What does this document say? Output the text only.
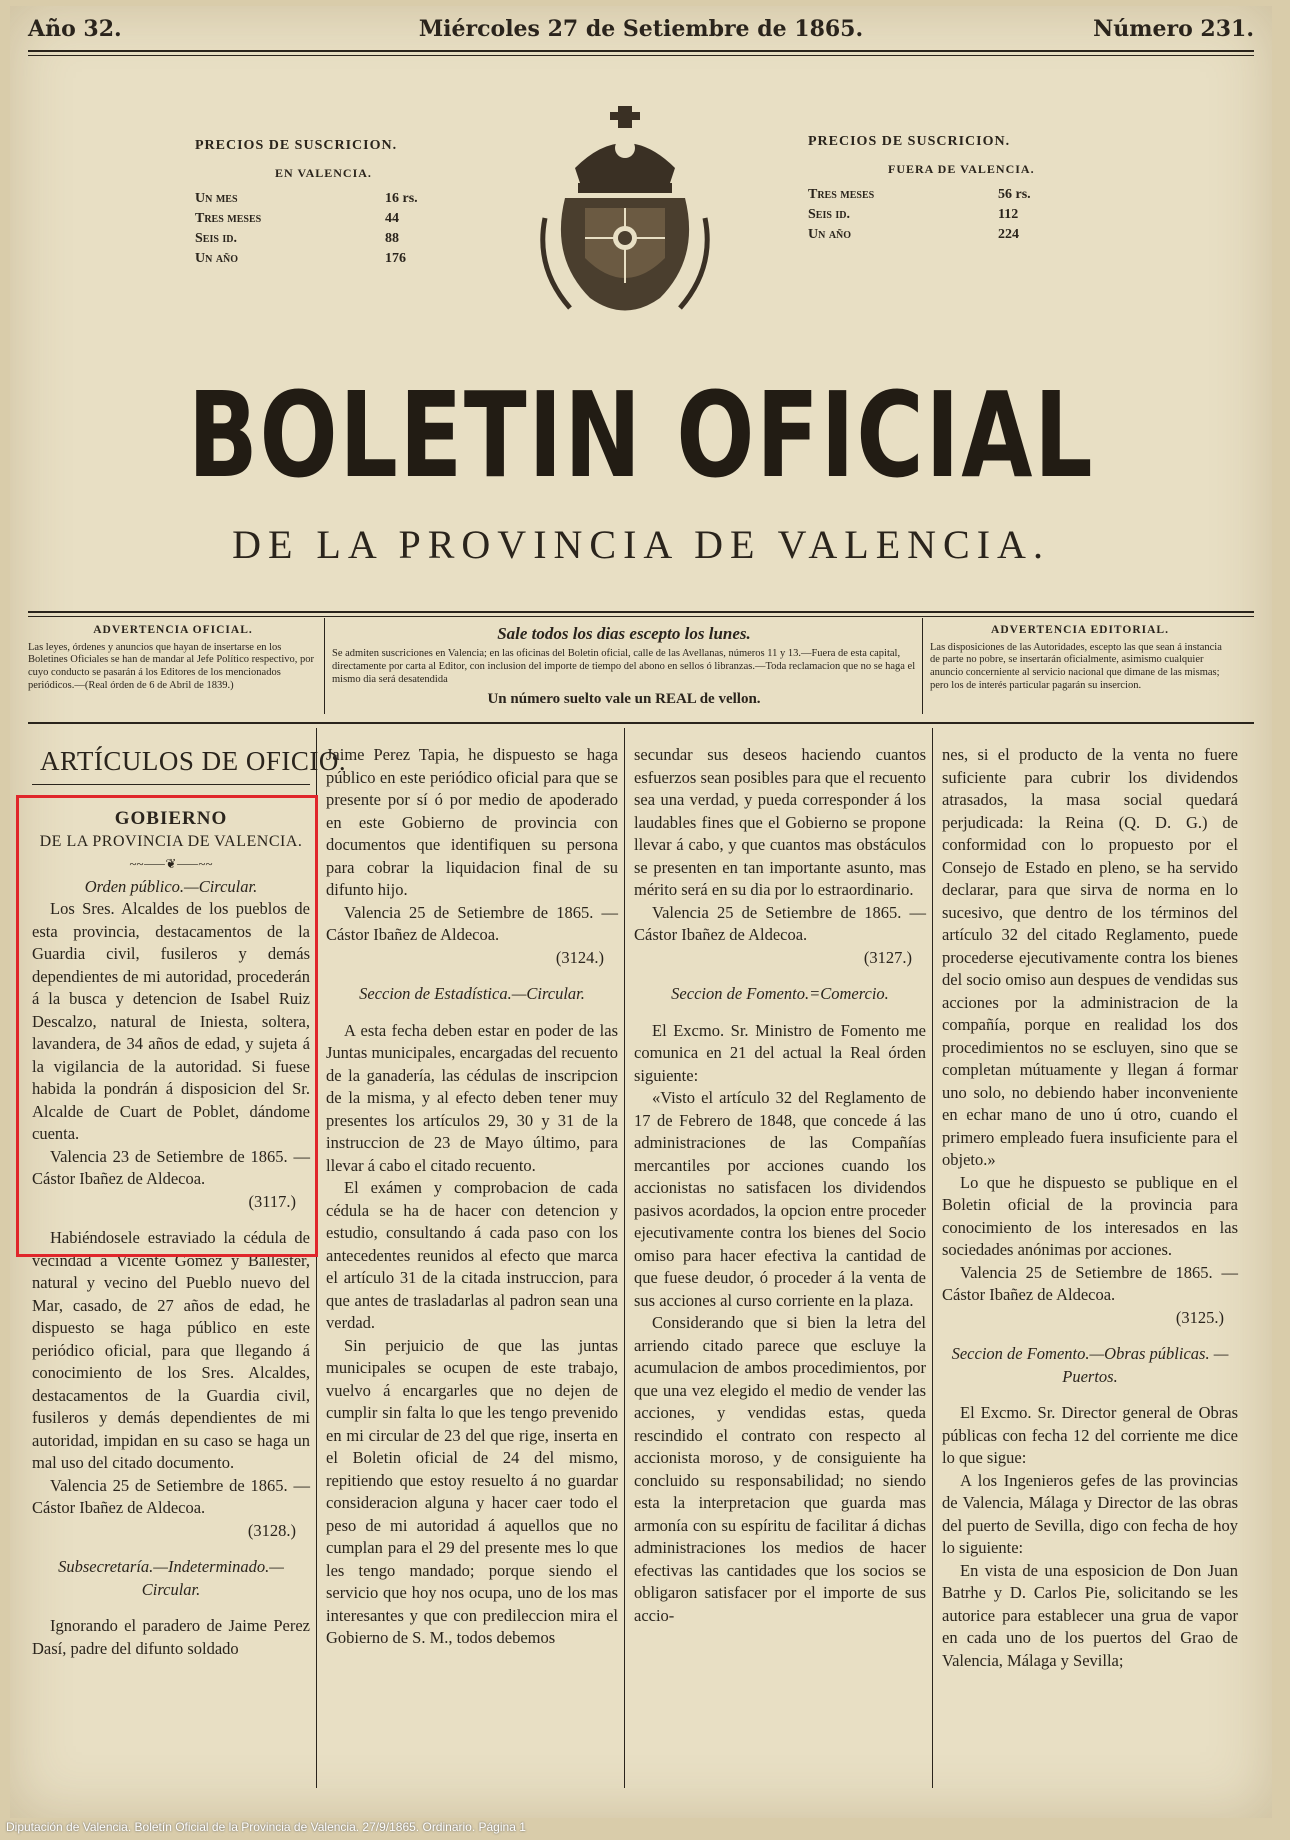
Año 32.	Miércoles 27 de Setiembre de 1865.	Número 231.
PRECIOS DE SUSCRICION.
EN VALENCIA.
Un mes	16 rs.
Tres meses	44
Seis id.	88
Un año	176
PRECIOS DE SUSCRICION.
FUERA DE VALENCIA.
Tres meses	56 rs.
Seis id.	112
Un año	224
BOLETIN OFICIAL
DE LA PROVINCIA DE VALENCIA.
ADVERTENCIA OFICIAL.
Las leyes, órdenes y anuncios que hayan de insertarse en los Boletines Oficiales se han de mandar al Jefe Político respectivo, por cuyo conducto se pasarán á los Editores de los mencionados periódicos.—(Real órden de 6 de Abril de 1839.)
Sale todos los dias escepto los lunes.
Se admiten suscriciones en Valencia; en las oficinas del Boletin oficial, calle de las Avellanas, números 11 y 13.—Fuera de esta capital, directamente por carta al Editor, con inclusion del importe de tiempo del abono en sellos ó libranzas.—Toda reclamacion que no se haga el mismo dia será desatendida
Un número suelto vale un REAL de vellon.
ADVERTENCIA EDITORIAL.
Las disposiciones de las Autoridades, escepto las que sean á instancia de parte no pobre, se insertarán oficialmente, asimismo cualquier anuncio concerniente al servicio nacional que dimane de las mismas; pero los de interés particular pagarán su insercion.
ARTÍCULOS DE OFICIO.

GOBIERNO

DE LA PROVINCIA DE VALENCIA.

~~⸺❦⸺~~

Orden público.—Circular.

Los Sres. Alcaldes de los pueblos de esta provincia, destacamentos de la Guardia civil, fusileros y demás dependientes de mi autoridad, procederán á la busca y detencion de Isabel Ruiz Descalzo, natural de Iniesta, soltera, lavandera, de 34 años de edad, y sujeta á la vigilancia de la autoridad. Si fuese habida la pondrán á disposicion del Sr. Alcalde de Cuart de Poblet, dándome cuenta.

Valencia 23 de Setiembre de 1865. —Cástor Ibañez de Aldecoa.

(3117.)

Habiéndosele estraviado la cédula de vecindad á Vicente Gomez y Ballester, natural y vecino del Pueblo nuevo del Mar, casado, de 27 años de edad, he dispuesto se haga público en este periódico oficial, para que llegando á conocimiento de los Sres. Alcaldes, destacamentos de la Guardia civil, fusileros y demás dependientes de mi autoridad, impidan en su caso se haga un mal uso del citado documento.

Valencia 25 de Setiembre de 1865. —Cástor Ibañez de Aldecoa.

(3128.)

Subsecretaría.—Indeterminado.—Circular.

Ignorando el paradero de Jaime Perez Dasí, padre del difunto soldado

Jaime Perez Tapia, he dispuesto se haga público en este periódico oficial para que se presente por sí ó por medio de apoderado en este Gobierno de provincia con documentos que identifiquen su persona para cobrar la liquidacion final de su difunto hijo.

Valencia 25 de Setiembre de 1865. —Cástor Ibañez de Aldecoa.

(3124.)

Seccion de Estadística.—Circular.

A esta fecha deben estar en poder de las Juntas municipales, encargadas del recuento de la ganadería, las cédulas de inscripcion de la misma, y al efecto deben tener muy presentes los artículos 29, 30 y 31 de la instruccion de 23 de Mayo último, para llevar á cabo el citado recuento.

El exámen y comprobacion de cada cédula se ha de hacer con detencion y estudio, consultando á cada paso con los antecedentes reunidos al efecto que marca el artículo 31 de la citada instruccion, para que antes de trasladarlas al padron sean una verdad.

Sin perjuicio de que las juntas municipales se ocupen de este trabajo, vuelvo á encargarles que no dejen de cumplir sin falta lo que les tengo prevenido en mi circular de 23 del que rige, inserta en el Boletin oficial de 24 del mismo, repitiendo que estoy resuelto á no guardar consideracion alguna y hacer caer todo el peso de mi autoridad á aquellos que no cumplan para el 29 del presente mes lo que les tengo mandado; porque siendo el servicio que hoy nos ocupa, uno de los mas interesantes y que con predileccion mira el Gobierno de S. M., todos debemos

secundar sus deseos haciendo cuantos esfuerzos sean posibles para que el recuento sea una verdad, y pueda corresponder á los laudables fines que el Gobierno se propone llevar á cabo, y que cuantos mas obstáculos se presenten en tan importante asunto, mas mérito será en su dia por lo estraordinario.

Valencia 25 de Setiembre de 1865. —Cástor Ibañez de Aldecoa.

(3127.)

Seccion de Fomento.=Comercio.

El Excmo. Sr. Ministro de Fomento me comunica en 21 del actual la Real órden siguiente:

«Visto el artículo 32 del Reglamento de 17 de Febrero de 1848, que concede á las administraciones de las Compañías mercantiles por acciones cuando los accionistas no satisfacen los dividendos pasivos acordados, la opcion entre proceder ejecutivamente contra los bienes del Socio omiso para hacer efectiva la cantidad de que fuese deudor, ó proceder á la venta de sus acciones al curso corriente en la plaza.

Considerando que si bien la letra del arriendo citado parece que escluye la acumulacion de ambos procedimientos, por que una vez elegido el medio de vender las acciones, y vendidas estas, queda rescindido el contrato con respecto al accionista moroso, y de consiguiente ha concluido su responsabilidad; no siendo esta la interpretacion que guarda mas armonía con su espíritu de facilitar á dichas administraciones los medios de hacer efectivas las cantidades que los socios se obligaron satisfacer por el importe de sus accio-

nes, si el producto de la venta no fuere suficiente para cubrir los dividendos atrasados, la masa social quedará perjudicada: la Reina (Q. D. G.) de conformidad con lo propuesto por el Consejo de Estado en pleno, se ha servido declarar, para que sirva de norma en lo sucesivo, que dentro de los términos del artículo 32 del citado Reglamento, puede procederse ejecutivamente contra los bienes del socio omiso aun despues de vendidas sus acciones por la administracion de la compañía, porque en realidad los dos procedimientos no se escluyen, sino que se completan mútuamente y llegan á formar uno solo, no debiendo haber inconveniente en echar mano de uno ú otro, cuando el primero empleado fuera insuficiente para el objeto.»

Lo que he dispuesto se publique en el Boletin oficial de la provincia para conocimiento de los interesados en las sociedades anónimas por acciones.

Valencia 25 de Setiembre de 1865. —Cástor Ibañez de Aldecoa.

(3125.)

Seccion de Fomento.—Obras públicas. —Puertos.

El Excmo. Sr. Director general de Obras públicas con fecha 12 del corriente me dice lo que sigue:

A los Ingenieros gefes de las provincias de Valencia, Málaga y Director de las obras del puerto de Sevilla, digo con fecha de hoy lo siguiente:

En vista de una esposicion de Don Juan Batrhe y D. Carlos Pie, solicitando se les autorice para establecer una grua de vapor en cada uno de los puertos del Grao de Valencia, Málaga y Sevilla;

Diputación de Valencia. Boletín Oficial de la Provincia de Valencia. 27/9/1865. Ordinario. Página 1
